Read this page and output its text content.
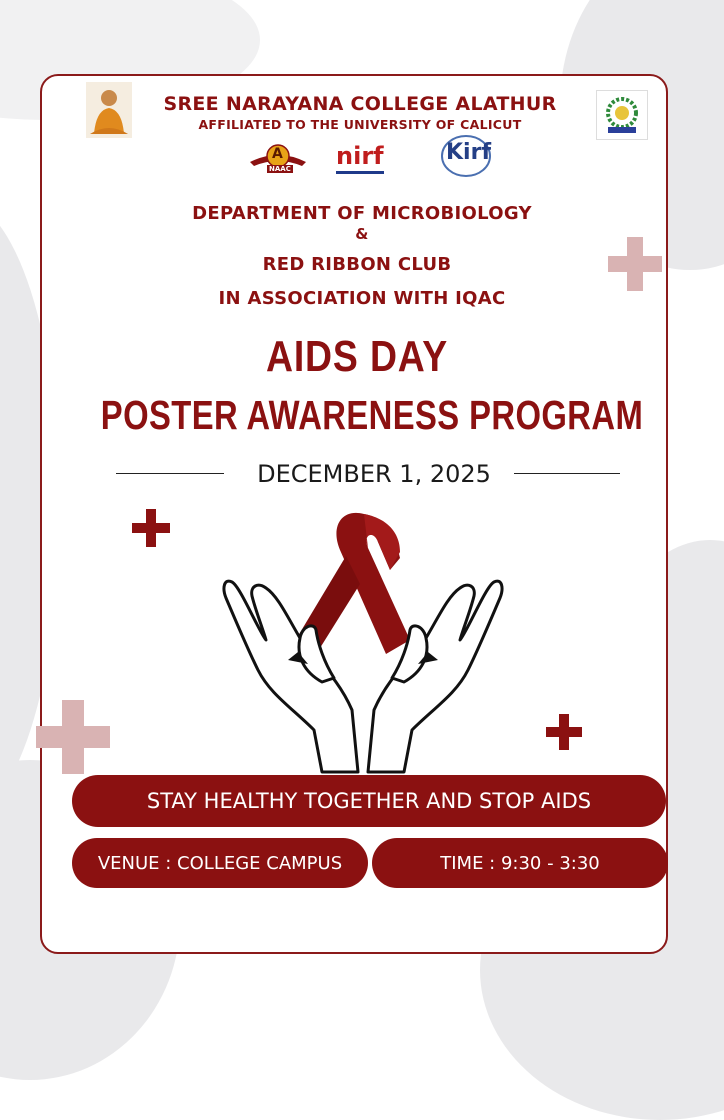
SREE NARAYANA COLLEGE ALATHUR
AFFILIATED TO THE UNIVERSITY OF CALICUT
A
NAAC nirf	Kirf
DEPARTMENT OF MICROBIOLOGY
&
RED RIBBON CLUB
IN ASSOCIATION WITH IQAC
AIDS DAY
POSTER AWARENESS PROGRAM
DECEMBER 1, 2025
STAY HEALTHY TOGETHER AND STOP AIDS
VENUE : COLLEGE CAMPUS	TIME : 9:30 - 3:30
